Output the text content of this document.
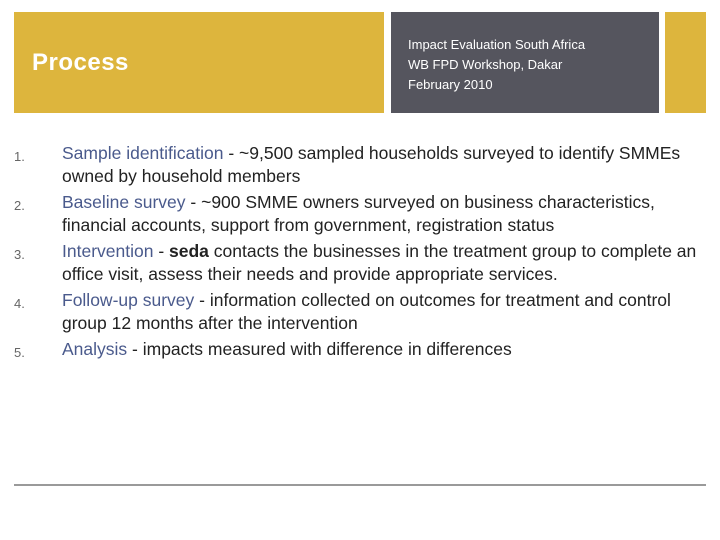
Process
Impact Evaluation South Africa
WB FPD Workshop, Dakar
February 2010
1.	Sample identification - ~9,500 sampled households surveyed to identify SMMEs owned by household members
2.	Baseline survey - ~900 SMME owners surveyed on business characteristics, financial accounts, support from government, registration status
3.	Intervention - seda contacts the businesses in the treatment group to complete an office visit, assess their needs and provide appropriate services.
4.	Follow-up survey - information collected on outcomes for treatment and control group 12 months after the intervention
5.	Analysis - impacts measured with difference in differences
